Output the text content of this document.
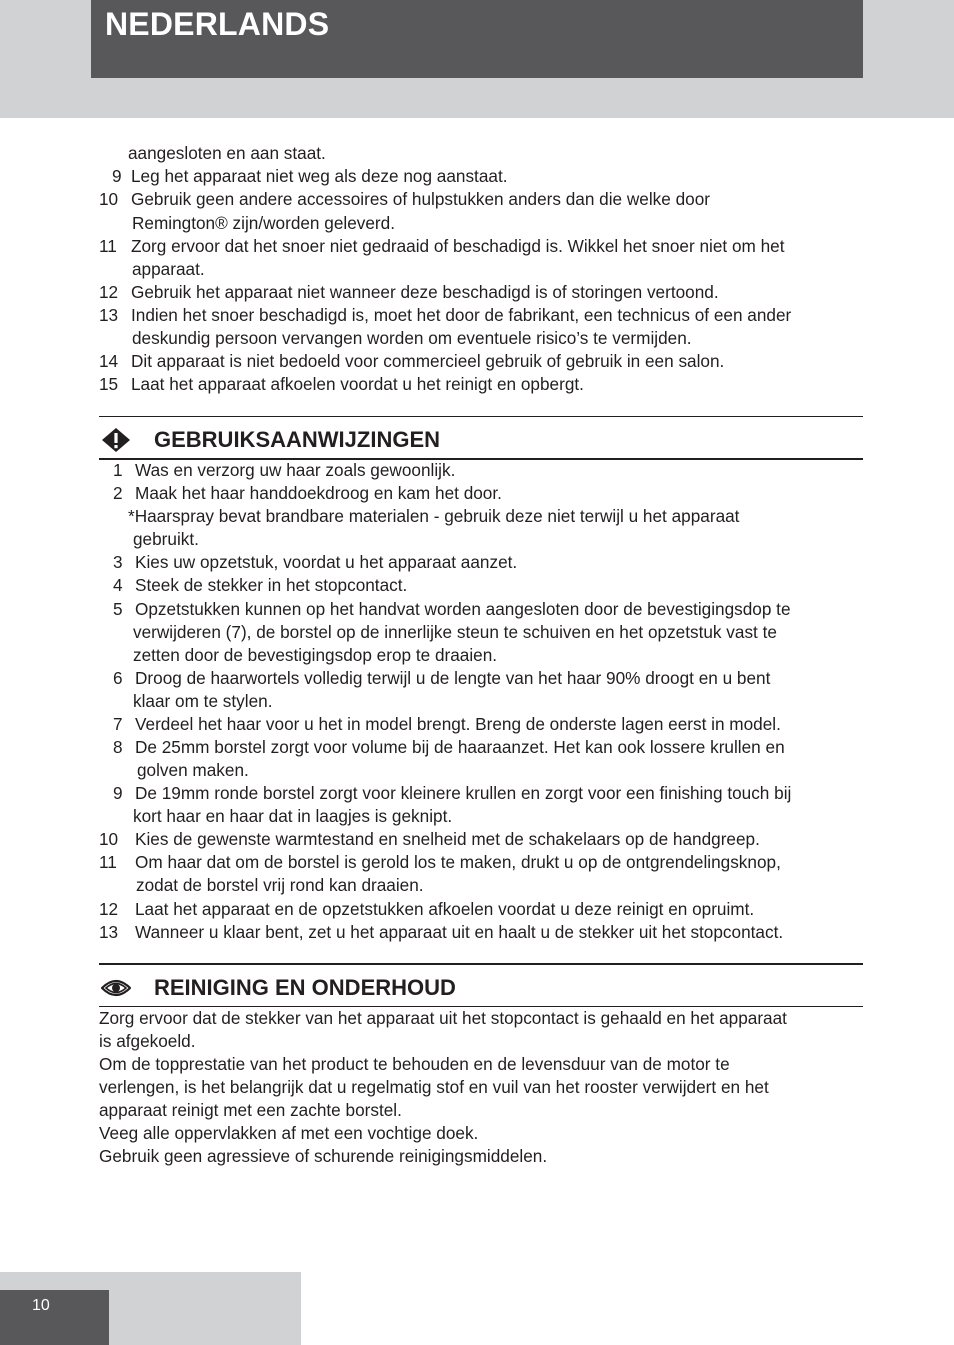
NEDERLANDS
aangesloten en aan staat.
9 Leg het apparaat niet weg als deze nog aanstaat.
10 Gebruik geen andere accessoires of hulpstukken anders dan die welke door
Remington® zijn/worden geleverd.
11 Zorg ervoor dat het snoer niet gedraaid of beschadigd is. Wikkel het snoer niet om het
apparaat.
12 Gebruik het apparaat niet wanneer deze beschadigd is of storingen vertoond.
13 Indien het snoer beschadigd is, moet het door de fabrikant, een technicus of een ander
deskundig persoon vervangen worden om eventuele risico’s te vermijden.
14 Dit apparaat is niet bedoeld voor commercieel gebruik of gebruik in een salon.
15 Laat het apparaat afkoelen voordat u het reinigt en opbergt.
GEBRUIKSAANWIJZINGEN
1 Was en verzorg uw haar zoals gewoonlijk.
2 Maak het haar handdoekdroog en kam het door.
*Haarspray bevat brandbare materialen - gebruik deze niet terwijl u het apparaat
gebruikt.
3 Kies uw opzetstuk, voordat u het apparaat aanzet.
4 Steek de stekker in het stopcontact.
5 Opzetstukken kunnen op het handvat worden aangesloten door de bevestigingsdop te
verwijderen (7), de borstel op de innerlijke steun te schuiven en het opzetstuk vast te
zetten door de bevestigingsdop erop te draaien.
6 Droog de haarwortels volledig terwijl u de lengte van het haar 90% droogt en u bent
klaar om te stylen.
7 Verdeel het haar voor u het in model brengt. Breng de onderste lagen eerst in model.
8 De 25mm borstel zorgt voor volume bij de haaraanzet. Het kan ook lossere krullen en
golven maken.
9 De 19mm ronde borstel zorgt voor kleinere krullen en zorgt voor een finishing touch bij
kort haar en haar dat in laagjes is geknipt.
10 Kies de gewenste warmtestand en snelheid met de schakelaars op de handgreep.
11 Om haar dat om de borstel is gerold los te maken, drukt u op de ontgrendelingsknop,
zodat de borstel vrij rond kan draaien.
12 Laat het apparaat en de opzetstukken afkoelen voordat u deze reinigt en opruimt.
13 Wanneer u klaar bent, zet u het apparaat uit en haalt u de stekker uit het stopcontact.
REINIGING EN ONDERHOUD
Zorg ervoor dat de stekker van het apparaat uit het stopcontact is gehaald en het apparaat
is afgekoeld.
Om de topprestatie van het product te behouden en de levensduur van de motor te
verlengen, is het belangrijk dat u regelmatig stof en vuil van het rooster verwijdert en het
apparaat reinigt met een zachte borstel.
Veeg alle oppervlakken af met een vochtige doek.
Gebruik geen agressieve of schurende reinigingsmiddelen.
10
